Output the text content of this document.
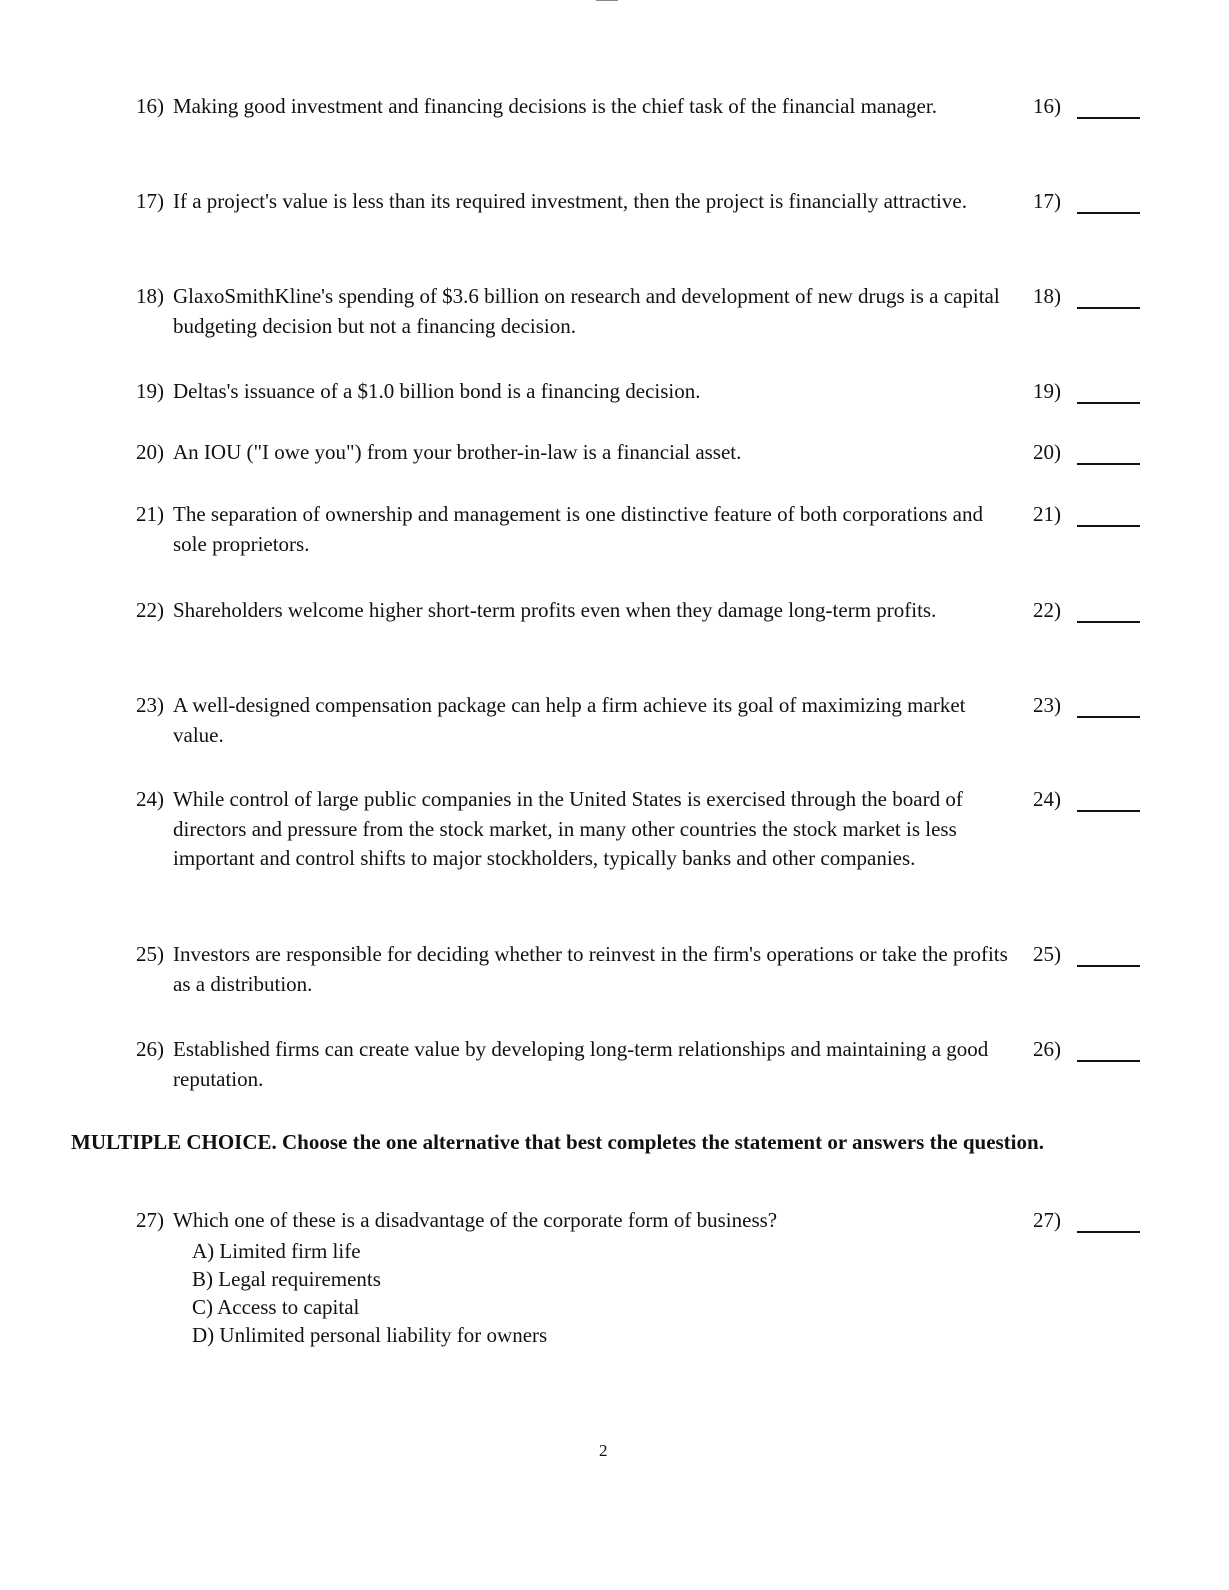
16) Making good investment and financing decisions is the chief task of the financial manager.	16)
17) If a project's value is less than its required investment, then the project is financially attractive.	17)
18) GlaxoSmithKline's spending of $3.6 billion on research and development of new drugs is a capital budgeting decision but not a financing decision.
18)
19) Deltas's issuance of a $1.0 billion bond is a financing decision.	19)
20) An IOU ("I owe you") from your brother-in-law is a financial asset.	20)
21) The separation of ownership and management is one distinctive feature of both corporations and sole proprietors.
21)
22) Shareholders welcome higher short-term profits even when they damage long-term profits.	22)
23) A well-designed compensation package can help a firm achieve its goal of maximizing market value.
23)
24) While control of large public companies in the United States is exercised through the board of directors and pressure from the stock market, in many other countries the stock market is less important and control shifts to major stockholders, typically banks and other companies.
24)
25) Investors are responsible for deciding whether to reinvest in the firm's operations or take the profits as a distribution.
25)
26) Established firms can create value by developing long-term relationships and maintaining a good reputation.
26)
MULTIPLE CHOICE. Choose the one alternative that best completes the statement or answers the question.
27) Which one of these is a disadvantage of the corporate form of business?	27)
A) Limited firm life
B) Legal requirements
C) Access to capital
D) Unlimited personal liability for owners
2
